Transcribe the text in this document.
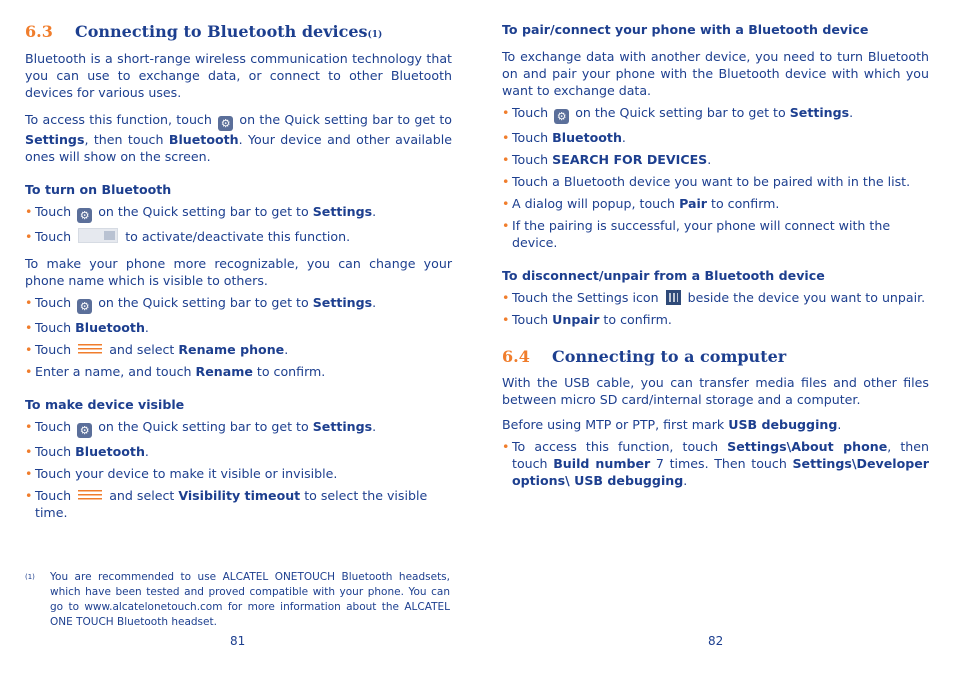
6.3	Connecting to Bluetooth devices$_{(1)}$

Bluetooth is a short-range wireless communication technology that you can use to exchange data, or connect to other Bluetooth devices for various uses.

To access this function, touch ⚙ on the Quick setting bar to get to Settings, then touch Bluetooth. Your device and other available ones will show on the screen.

To turn on Bluetooth
• Touch ⚙ on the Quick setting bar to get to Settings.
• Touch	to activate/deactivate this function.

To make your phone more recognizable, you can change your phone name which is visible to others.

• Touch ⚙ on the Quick setting bar to get to Settings.
• Touch Bluetooth.
• Touch	and select Rename phone.
• Enter a name, and touch Rename to confirm.
To make device visible
• Touch ⚙ on the Quick setting bar to get to Settings.
• Touch Bluetooth.
• Touch your device to make it visible or invisible.
• Touch	and select Visibility timeout to select the visible time.
(1) You are recommended to use ALCATEL ONETOUCH Bluetooth headsets, which have been tested and proved compatible with your phone. You can go to www.alcatelonetouch.com for more information about the ALCATEL ONE TOUCH Bluetooth headset.
81
To pair/connect your phone with a Bluetooth device

To exchange data with another device, you need to turn Bluetooth on and pair your phone with the Bluetooth device with which you want to exchange data.

• Touch ⚙ on the Quick setting bar to get to Settings.
• Touch Bluetooth.
• Touch SEARCH FOR DEVICES.
• Touch a Bluetooth device you want to be paired with in the list.
• A dialog will popup, touch Pair to confirm.
• If the pairing is successful, your phone will connect with the device.
To disconnect/unpair from a Bluetooth device
• Touch the Settings icon beside the device you want to unpair.
• Touch Unpair to confirm.
6.4	Connecting to a computer

With the USB cable, you can transfer media files and other files between micro SD card/internal storage and a computer.

Before using MTP or PTP, first mark USB debugging.

• To access this function, touch Settings\About phone, then touch Build number 7 times. Then touch Settings\Developer options\ USB debugging.
82
